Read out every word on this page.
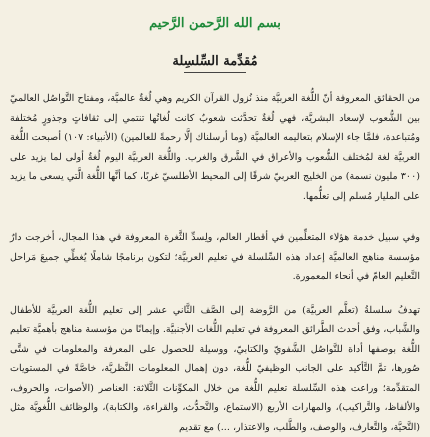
بسم الله الرَّحمن الرَّحيم
مُقدِّمة السِّلسِلة

من الحقائق المعروفة أنّ اللُّغة العربيَّة منذ نُزول القرآن الكريم وهي لُغةٌ عالميَّة، ومفتاح التَّواصُل العالميّ بين الشُّعوب لإسعاد البشريَّة، فهي لُغةٌ تحدَّثت شعوبٌ كانت لُغاتُها تنتمي إلى ثقافاتٍ وجذورٍ مُختلفة ومُتباعدة، فلمَّا جاء الإسلام بتعاليمه العالميَّة (وما أرسلناك إلَّا رحمةً للعالمين) (الأنبياء: ١٠٧) أصبحت اللُّغة العربيَّة لغة لمُختلف الشُّعوب والأعراق في الشَّرق والغرب. واللُّغة العربيَّة اليوم لُغةٌ أولى لما يزيد على (٣٠٠ مليون نسمة) من الخليج العربيّ شرقًا إلى المحيط الأطلسيّ غربًا، كما أنَّها اللُّغة الَّتي يسعى ما يزيد على المليار مُسلم إلى تعلُّمها.

وفي سبيل خدمة هؤلاء المتعلِّمين في أقطار العالم، ولِسدِّ الثَّغرة المعروفة في هذا المجال، أخرجت دارٌ مؤسسة مناهج العالميَّة إعداد هذه السِّلسلة في تعليم العربيَّة؛ لتكون برنامجًا شاملًا يُغطِّي جميعَ مَراحل التَّعليم العامّ في أنحاء المعمورة.

تهدفُ سلسلةُ (تعلَّم العربيَّة) من الرَّوضة إلى الصَّف الثَّاني عشر إلى تعليم اللُّغة العربيَّة للأطفال والشَّباب، وفق أحدث الطَّرائق المعروفة في تعليم اللُّغات الأجنبيَّة. وإيمانًا من مؤسسة مناهج بأهميَّة تعليم اللُّغة بوصفها أداة للتَّواصُل الشَّفويّ والكتابيّ، ووسيلة للحصول على المعرفة والمعلومات في شتَّى صُورها، تمَّ التَّأكيد على الجانب الوظيفيّ للُّغة، دون إهمال المعلومات النَّظريَّة، خاصَّةً في المستويات المتقدِّمة؛ وراعت هذه السِّلسلة تعليم اللُّغة من خلال المكوِّنات الثَّلاثة: العناصر (الأصوات، والحروف، والألفاظ، والتَّراكيب)، والمهارات الأربع (الاستماع، والتَّحدُّث، والقراءة، والكتابة)، والوظائف اللُّغويَّة مثل (التَّحيَّة، والتَّعارف، والوصف، والطَّلب، والاعتذار، ...) مع تقديم
